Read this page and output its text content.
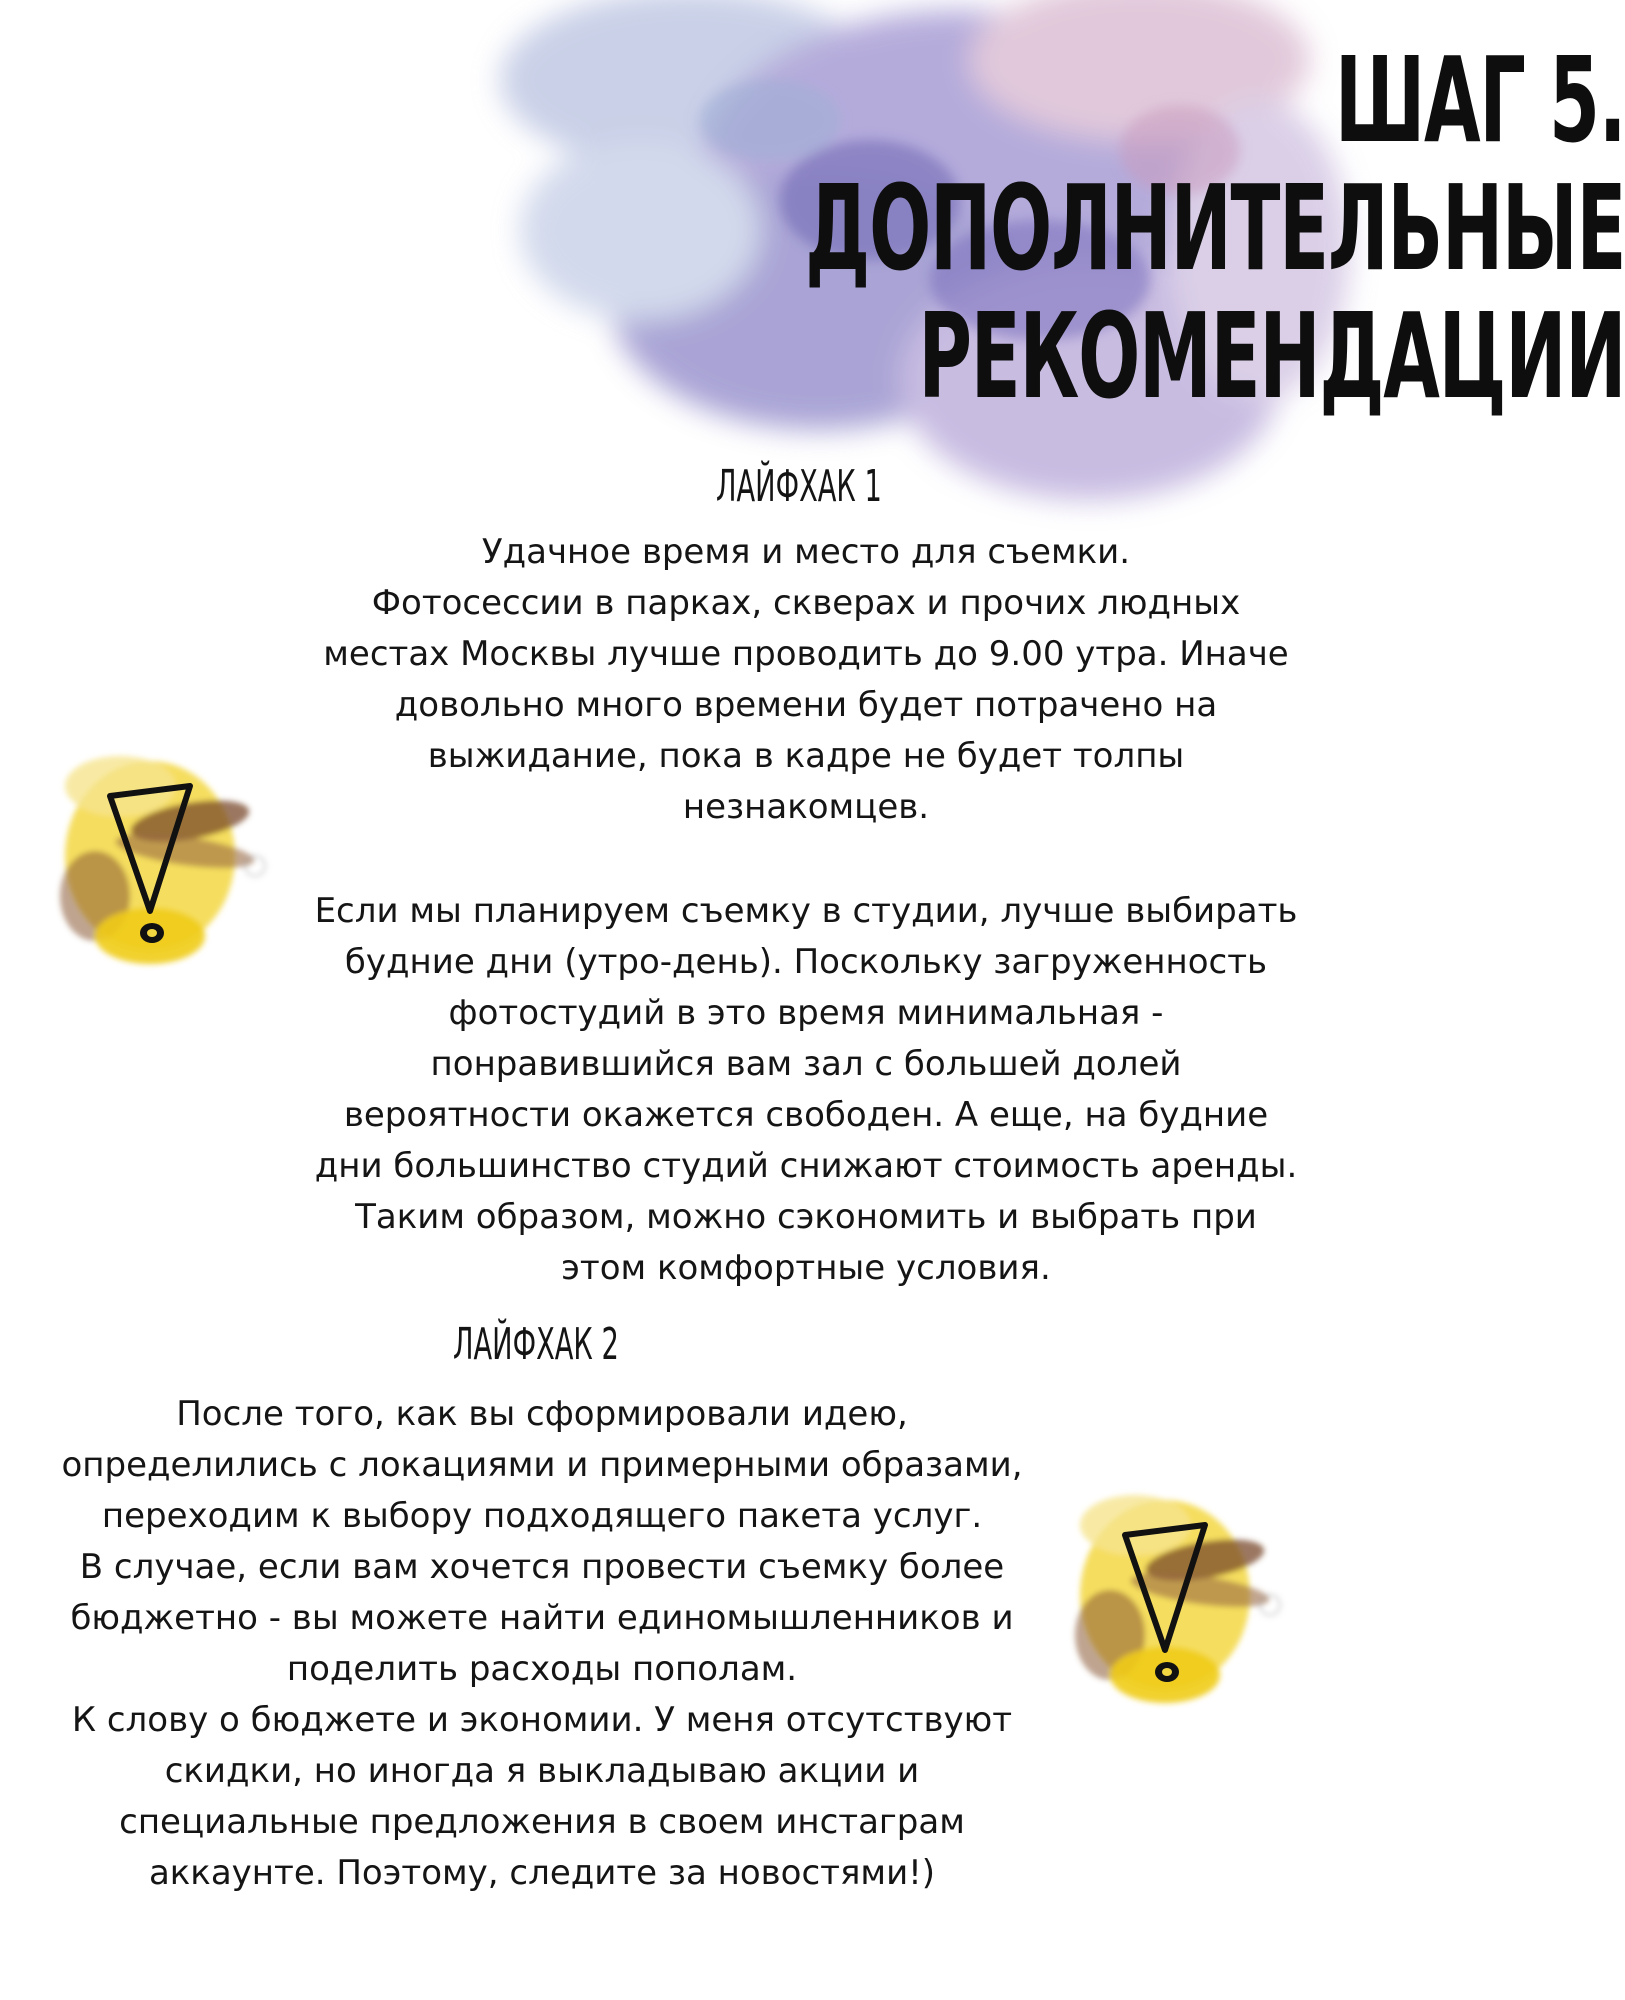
ШАГ 5.
ДОПОЛНИТЕЛЬНЫЕ
РЕКОМЕНДАЦИИ
ЛАЙФХАК 1
Удачное время и место для съемки.
Фотосессии в парках, скверах и прочих людных
местах Москвы лучше проводить до 9.00 утра. Иначе
довольно много времени будет потрачено на
выжидание, пока в кадре не будет толпы
незнакомцев.
Если мы планируем съемку в студии, лучше выбирать
будние дни (утро-день). Поскольку загруженность
фотостудий в это время минимальная -
понравившийся вам зал с большей долей
вероятности окажется свободен. А еще, на будние
дни большинство студий снижают стоимость аренды.
Таким образом, можно сэкономить и выбрать при
этом комфортные условия.
ЛАЙФХАК 2
После того, как вы сформировали идею,
определились с локациями и примерными образами,
переходим к выбору подходящего пакета услуг.
В случае, если вам хочется провести съемку более
бюджетно - вы можете найти единомышленников и
поделить расходы пополам.
К слову о бюджете и экономии. У меня отсутствуют
скидки, но иногда я выкладываю акции и
специальные предложения в своем инстаграм
аккаунте. Поэтому, следите за новостями!)
